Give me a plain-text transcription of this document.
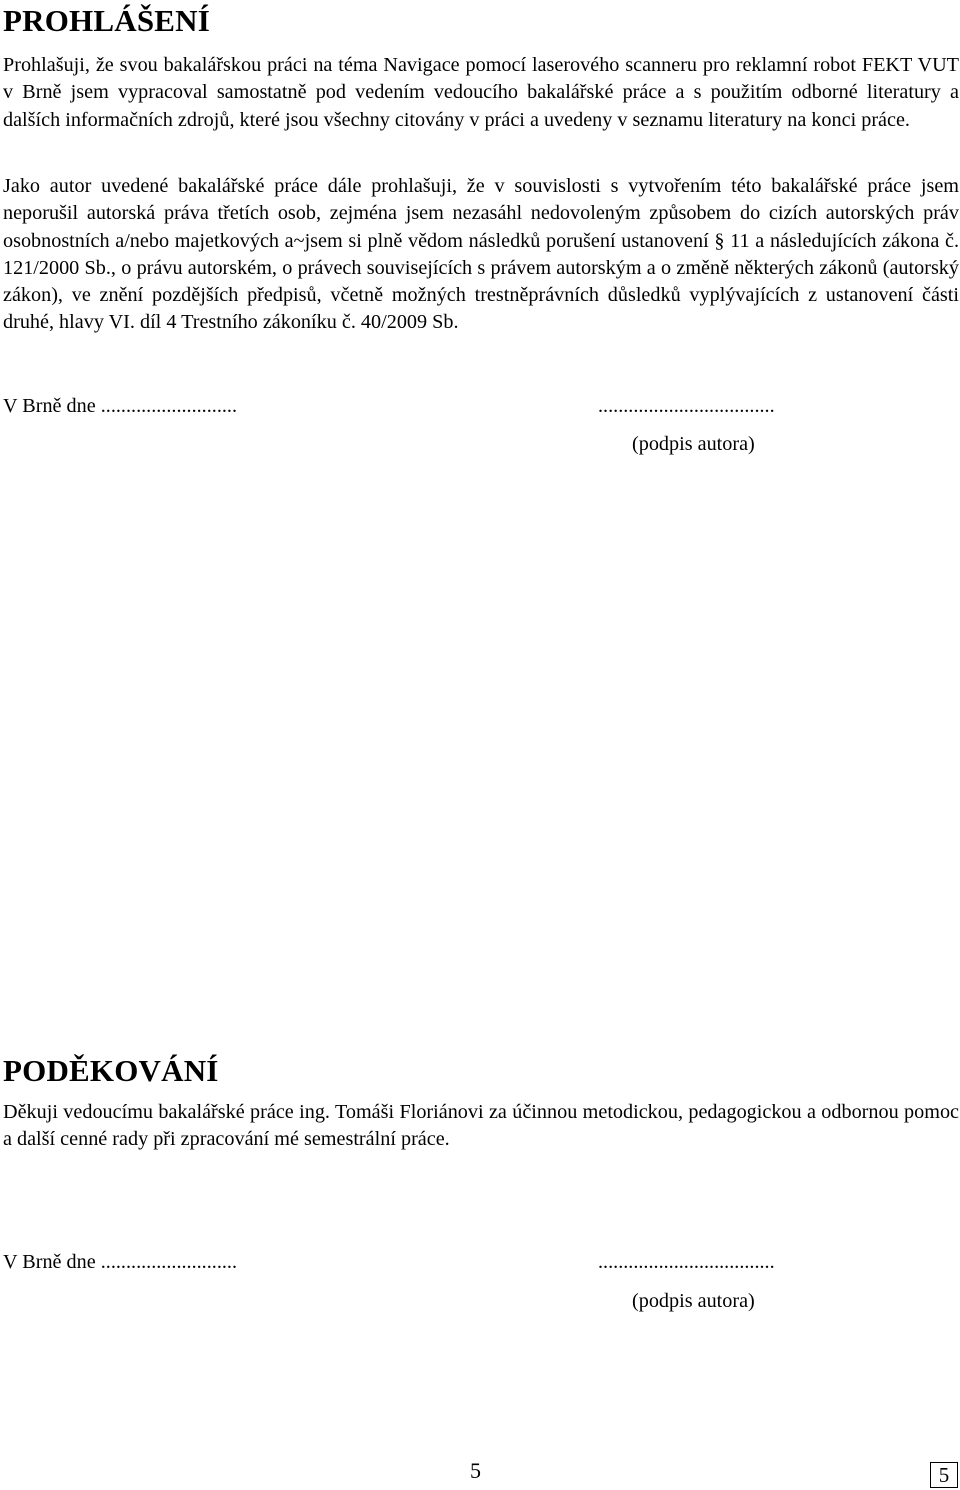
PROHLÁŠENÍ

Prohlašuji, že svou bakalářskou práci na téma Navigace pomocí laserového scanneru pro reklamní robot FEKT VUT v Brně jsem vypracoval samostatně pod vedením vedoucího bakalářské práce a s použitím odborné literatury a dalších informačních zdrojů, které jsou všechny citovány v práci a uvedeny v seznamu literatury na konci práce.

Jako autor uvedené bakalářské práce dále prohlašuji, že v souvislosti s vytvořením této bakalářské práce jsem neporušil autorská práva třetích osob, zejména jsem nezasáhl nedovoleným způsobem do cizích autorských práv osobnostních a/nebo majetkových a~jsem si plně vědom následků porušení ustanovení § 11 a následujících zákona č. 121/2000 Sb., o právu autorském, o právech souvisejících s právem autorským a o změně některých zákonů (autorský zákon), ve znění pozdějších předpisů, včetně možných trestněprávních důsledků vyplývajících z ustanovení části druhé, hlavy VI. díl 4 Trestního zákoníku č. 40/2009 Sb.

V Brně dne ...........................	...................................
(podpis autora)
PODĚKOVÁNÍ

Děkuji vedoucímu bakalářské práce ing. Tomáši Floriánovi za účinnou metodickou, pedagogickou a odbornou pomoc a další cenné rady při zpracování mé semestrální práce.

V Brně dne ...........................	...................................
(podpis autora)
5	5
